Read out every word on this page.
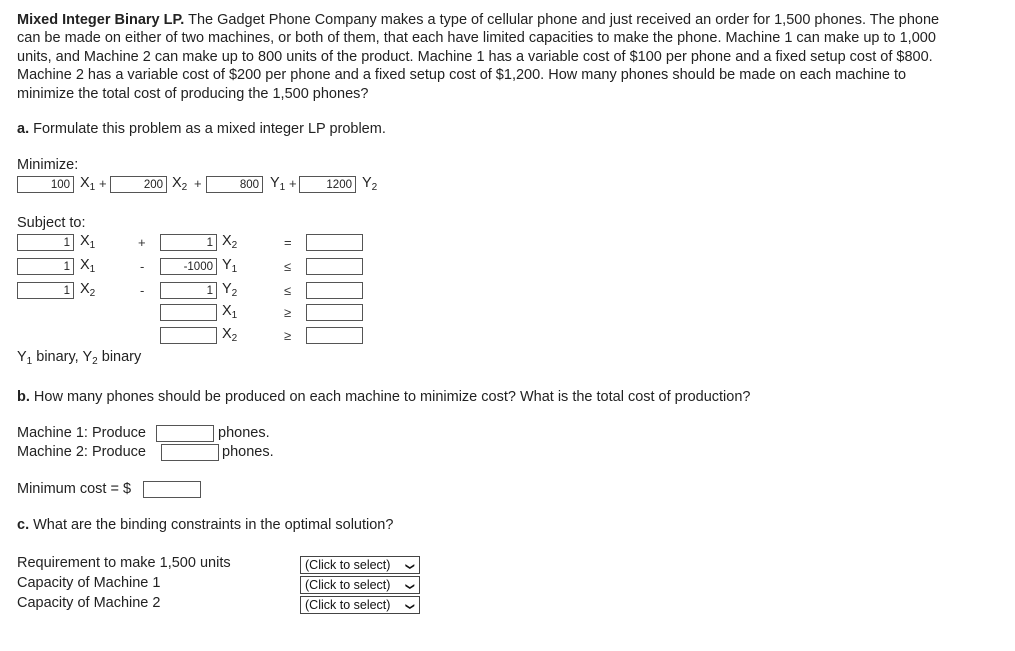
Mixed Integer Binary LP. The Gadget Phone Company makes a type of cellular phone and just received an order for 1,500 phones. The phone can be made on either of two machines, or both of them, that each have limited capacities to make the phone. Machine 1 can make up to 1,000 units, and Machine 2 can make up to 800 units of the product. Machine 1 has a variable cost of $100 per phone and a fixed setup cost of $800. Machine 2 has a variable cost of $200 per phone and a fixed setup cost of $1,200. How many phones should be made on each machine to minimize the total cost of producing the 1,500 phones?
a. Formulate this problem as a mixed integer LP problem.
Minimize:
100 $X_1$ +	200 $X_2$ +	800 $Y_1$ +	1200 $Y_2$
Subject to:
1 $X_1$	+	1 $X_2$	=
1 $X_1$	-	-1000 $Y_1$	≤
1 $X_2$	-	1 $Y_2$	≤
$X_1$	≥
$X_2$	≥
$Y_1$ binary, $Y_2$ binary
b. How many phones should be produced on each machine to minimize cost? What is the total cost of production?
Machine 1: Produce	phones.
Machine 2: Produce	phones.
Minimum cost = $
c. What are the binding constraints in the optimal solution?
Requirement to make 1,500 units	(Click to select)	❯
Capacity of Machine 1	(Click to select)	❯
Capacity of Machine 2	(Click to select)	❯
